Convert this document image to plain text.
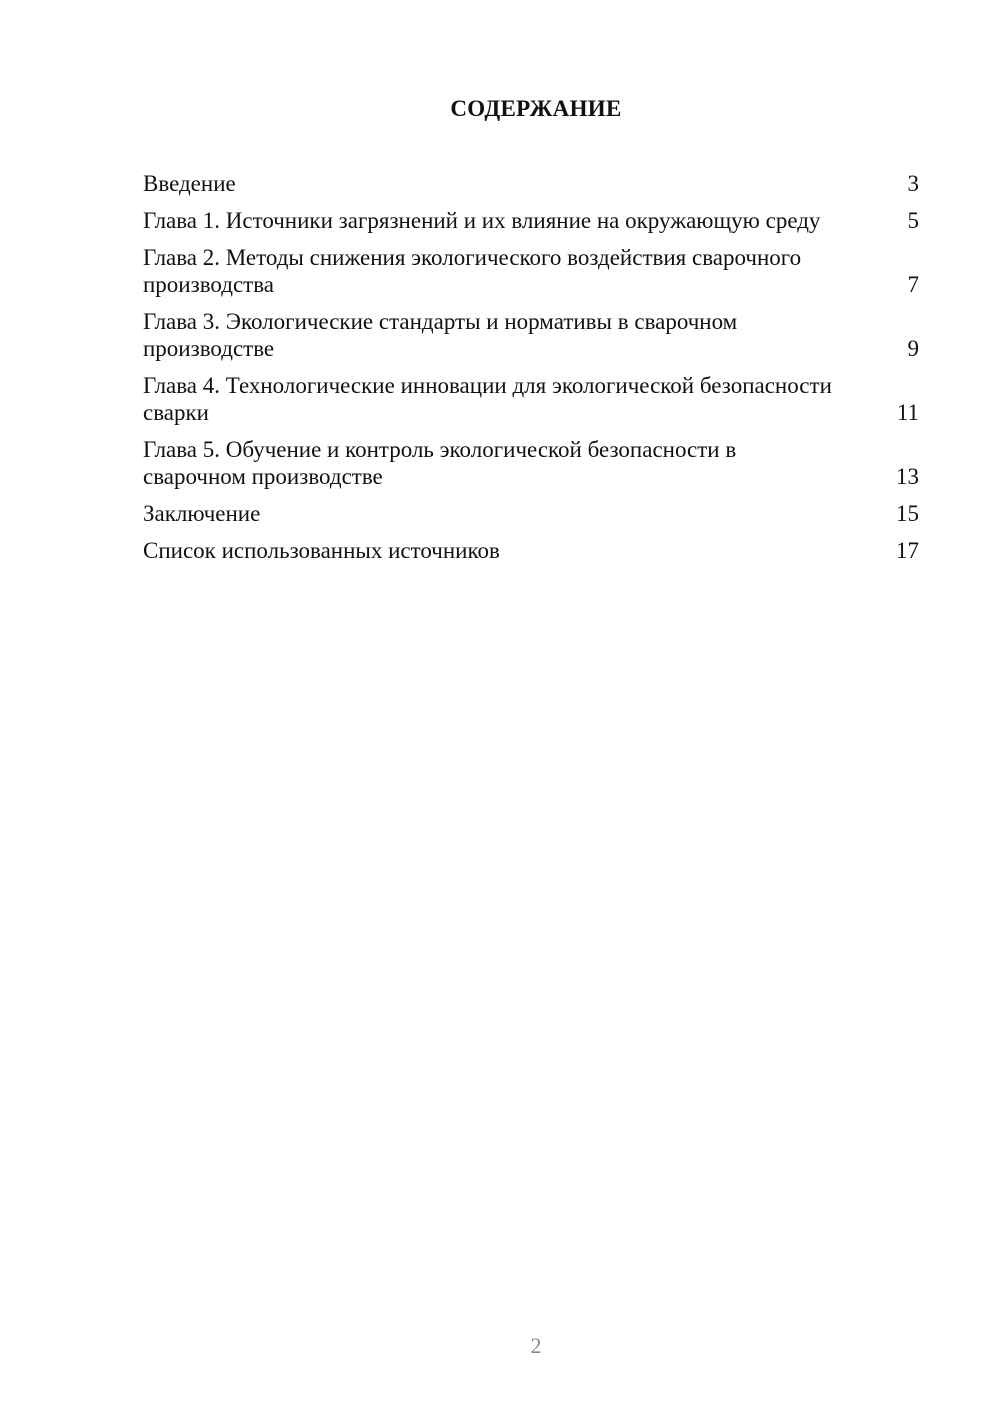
СОДЕРЖАНИЕ
Введение	3
Глава 1. Источники загрязнений и их влияние на окружающую среду	5
Глава 2. Методы снижения экологического воздействия сварочного производства	7
Глава 3. Экологические стандарты и нормативы в сварочном производстве	9
Глава 4. Технологические инновации для экологической безопасности сварки	11
Глава 5. Обучение и контроль экологической безопасности в сварочном производстве	13
Заключение	15
Список использованных источников	17
2
